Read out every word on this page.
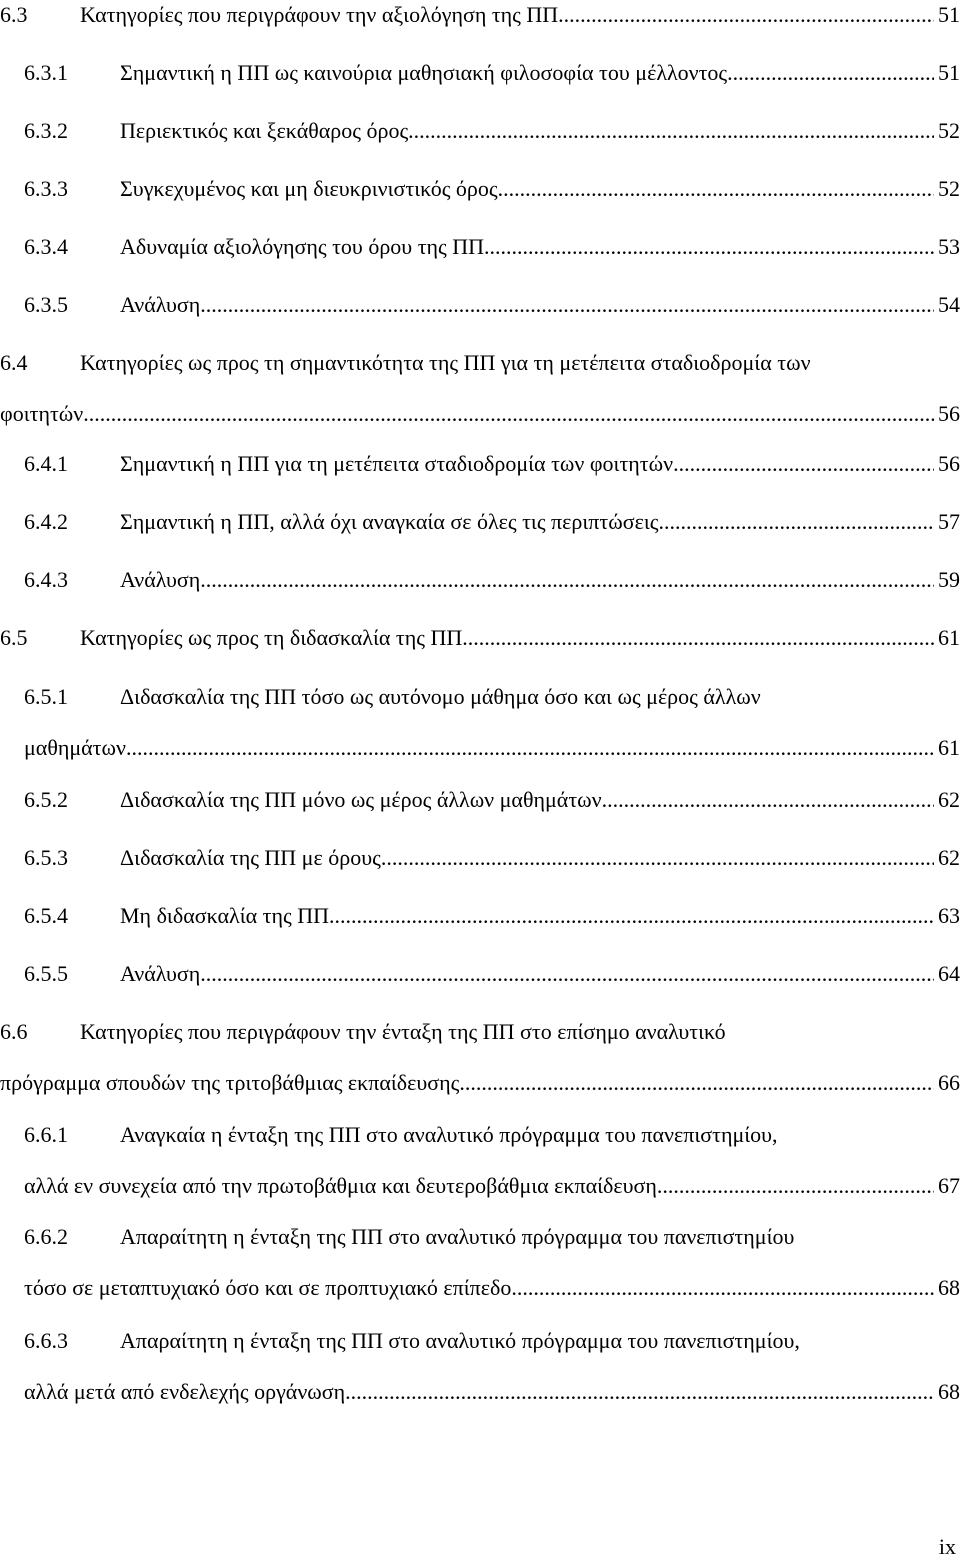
6.3 Κατηγορίες που περιγράφουν την αξιολόγηση της ΠΠ .....	51
6.3.1 Σημαντική η ΠΠ ως καινούρια μαθησιακή φιλοσοφία του μέλλοντος .....	51
6.3.2 Περιεκτικός και ξεκάθαρος όρος .....	52
6.3.3 Συγκεχυμένος και μη διευκρινιστικός όρος .....	52
6.3.4 Αδυναμία αξιολόγησης του όρου της ΠΠ .....	53
6.3.5 Ανάλυση .....	54
6.4 Κατηγορίες ως προς τη σημαντικότητα της ΠΠ για τη μετέπειτα σταδιοδρομία των
φοιτητών .....	56
6.4.1 Σημαντική η ΠΠ για τη μετέπειτα σταδιοδρομία των φοιτητών .....	56
6.4.2 Σημαντική η ΠΠ, αλλά όχι αναγκαία σε όλες τις περιπτώσεις .....	57
6.4.3 Ανάλυση .....	59
6.5 Κατηγορίες ως προς τη διδασκαλία της ΠΠ .....	61
6.5.1 Διδασκαλία της ΠΠ τόσο ως αυτόνομο μάθημα όσο και ως μέρος άλλων
μαθημάτων .....	61
6.5.2 Διδασκαλία της ΠΠ μόνο ως μέρος άλλων μαθημάτων .....	62
6.5.3 Διδασκαλία της ΠΠ με όρους .....	62
6.5.4 Μη διδασκαλία της ΠΠ .....	63
6.5.5 Ανάλυση .....	64
6.6 Κατηγορίες που περιγράφουν την ένταξη της ΠΠ στο επίσημο αναλυτικό
πρόγραμμα σπουδών της τριτοβάθμιας εκπαίδευσης .....	66
6.6.1 Αναγκαία η ένταξη της ΠΠ στο αναλυτικό πρόγραμμα του πανεπιστημίου,
αλλά εν συνεχεία από την πρωτοβάθμια και δευτεροβάθμια εκπαίδευση .....	67
6.6.2 Απαραίτητη η ένταξη της ΠΠ στο αναλυτικό πρόγραμμα του πανεπιστημίου
τόσο σε μεταπτυχιακό όσο και σε προπτυχιακό επίπεδο .....	68
6.6.3 Απαραίτητη η ένταξη της ΠΠ στο αναλυτικό πρόγραμμα του πανεπιστημίου,
αλλά μετά από ενδελεχής οργάνωση .....	68
ix
